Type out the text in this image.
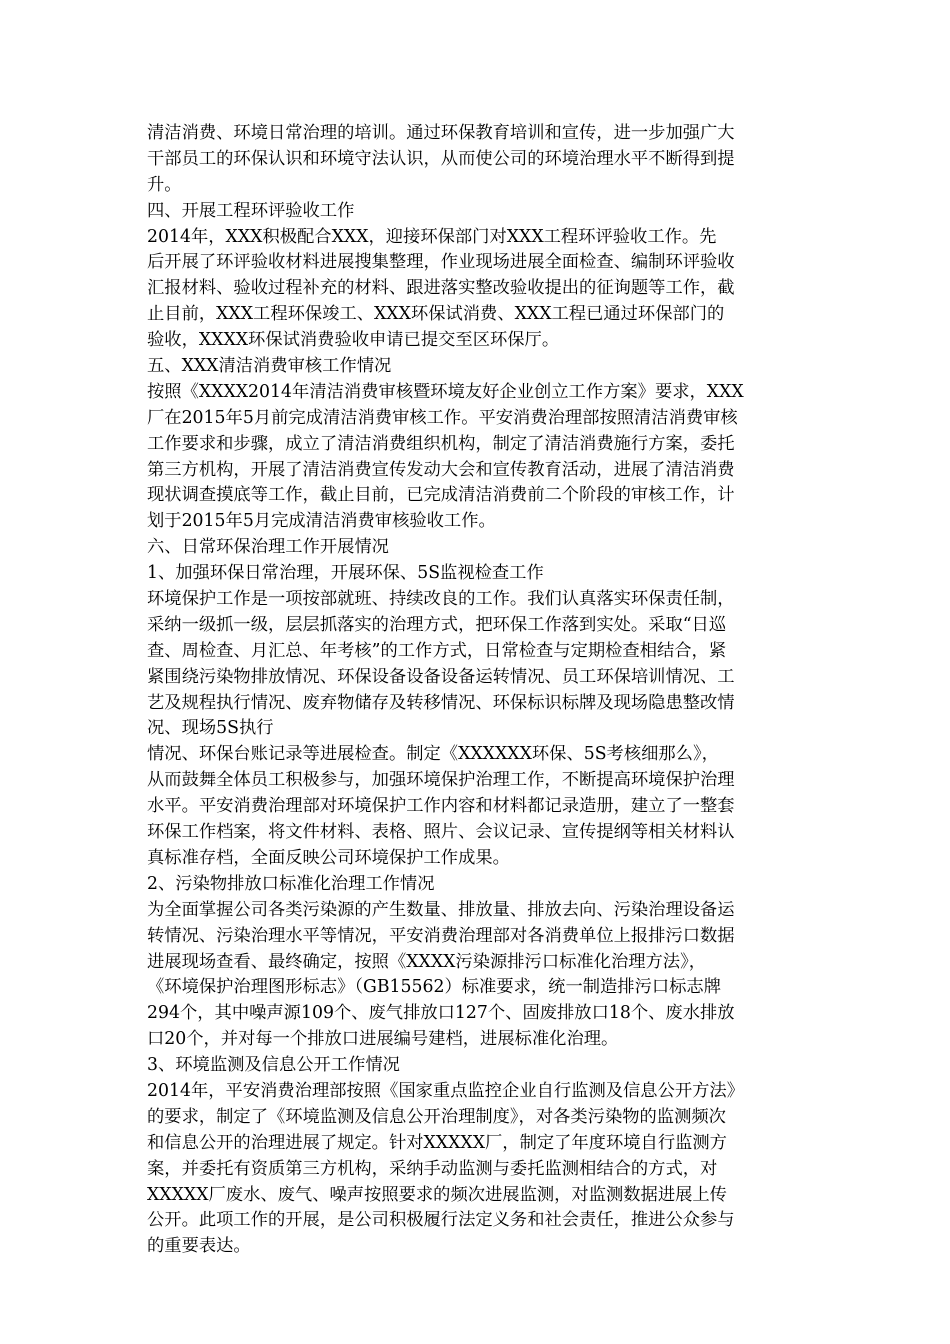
清洁消费、环境日常治理的培训。通过环保教育培训和宣传，进一步加强广大
干部员工的环保认识和环境守法认识，从而使公司的环境治理水平不断得到提
升。
四、开展工程环评验收工作
2014年，XXX积极配合XXX，迎接环保部门对XXX工程环评验收工作。先
后开展了环评验收材料进展搜集整理，作业现场进展全面检查、编制环评验收
汇报材料、验收过程补充的材料、跟进落实整改验收提出的征询题等工作，截
止目前，XXX工程环保竣工、XXX环保试消费、XXX工程已通过环保部门的
验收，XXXX环保试消费验收申请已提交至区环保厅。
五、XXX清洁消费审核工作情况
按照《XXXX2014年清洁消费审核暨环境友好企业创立工作方案》要求，XXX
厂在2015年5月前完成清洁消费审核工作。平安消费治理部按照清洁消费审核
工作要求和步骤，成立了清洁消费组织机构，制定了清洁消费施行方案，委托
第三方机构，开展了清洁消费宣传发动大会和宣传教育活动，进展了清洁消费
现状调查摸底等工作，截止目前，已完成清洁消费前二个阶段的审核工作，计
划于2015年5月完成清洁消费审核验收工作。
六、日常环保治理工作开展情况
1、加强环保日常治理，开展环保、5S监视检查工作
环境保护工作是一项按部就班、持续改良的工作。我们认真落实环保责任制，
采纳一级抓一级，层层抓落实的治理方式，把环保工作落到实处。采取“日巡
查、周检查、月汇总、年考核”的工作方式，日常检查与定期检查相结合，紧
紧围绕污染物排放情况、环保设备设备设备运转情况、员工环保培训情况、工
艺及规程执行情况、废弃物储存及转移情况、环保标识标牌及现场隐患整改情
况、现场5S执行
情况、环保台账记录等进展检查。制定《XXXXXX环保、5S考核细那么》，
从而鼓舞全体员工积极参与，加强环境保护治理工作，不断提高环境保护治理
水平。平安消费治理部对环境保护工作内容和材料都记录造册，建立了一整套
环保工作档案，将文件材料、表格、照片、会议记录、宣传提纲等相关材料认
真标准存档，全面反映公司环境保护工作成果。
2、污染物排放口标准化治理工作情况
为全面掌握公司各类污染源的产生数量、排放量、排放去向、污染治理设备运
转情况、污染治理水平等情况，平安消费治理部对各消费单位上报排污口数据
进展现场查看、最终确定，按照《XXXX污染源排污口标准化治理方法》，
《环境保护治理图形标志》（GB15562）标准要求，统一制造排污口标志牌
294个，其中噪声源109个、废气排放口127个、固废排放口18个、废水排放
口20个，并对每一个排放口进展编号建档，进展标准化治理。
3、环境监测及信息公开工作情况
2014年，平安消费治理部按照《国家重点监控企业自行监测及信息公开方法》
的要求，制定了《环境监测及信息公开治理制度》，对各类污染物的监测频次
和信息公开的治理进展了规定。针对XXXXX厂，制定了年度环境自行监测方
案，并委托有资质第三方机构，采纳手动监测与委托监测相结合的方式，对
XXXXX厂废水、废气、噪声按照要求的频次进展监测，对监测数据进展上传
公开。此项工作的开展，是公司积极履行法定义务和社会责任，推进公众参与
的重要表达。
